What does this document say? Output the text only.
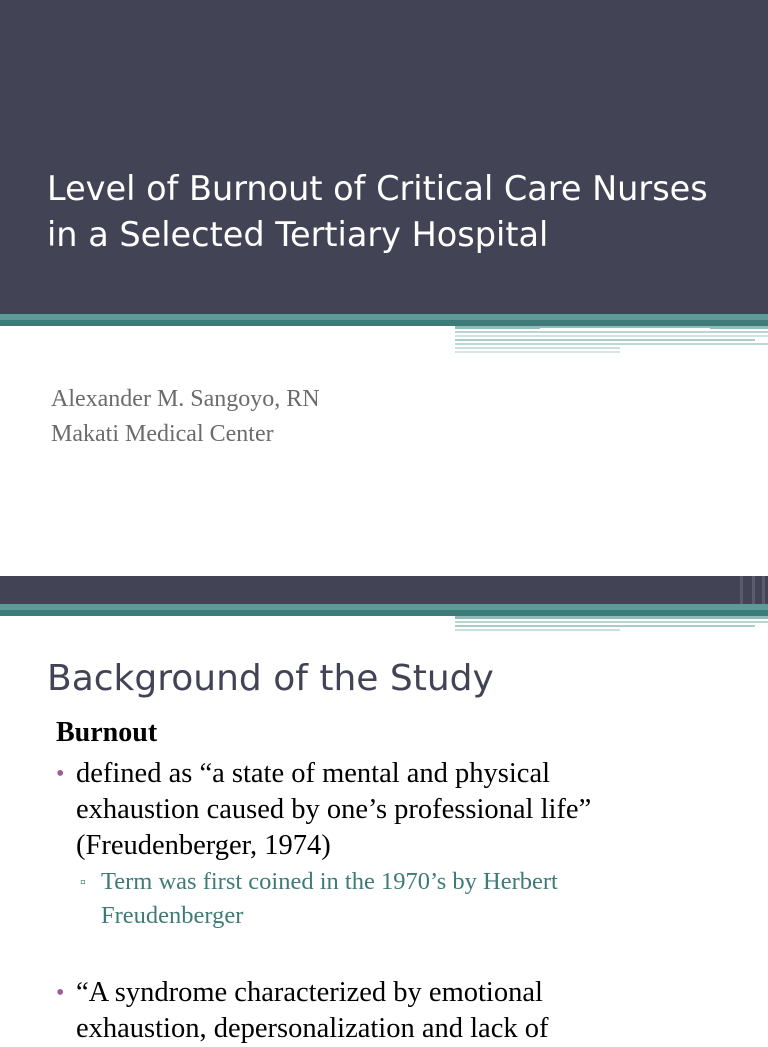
Level of Burnout of Critical Care Nurses
in a Selected Tertiary Hospital
Alexander M. Sangoyo, RN
Makati Medical Center
Background of the Study
Burnout
• defined as “a state of mental and physical
exhaustion caused by one’s professional life”
(Freudenberger, 1974)
▫ Term was first coined in the 1970’s by Herbert
Freudenberger
• “A syndrome characterized by emotional
exhaustion, depersonalization and lack of
